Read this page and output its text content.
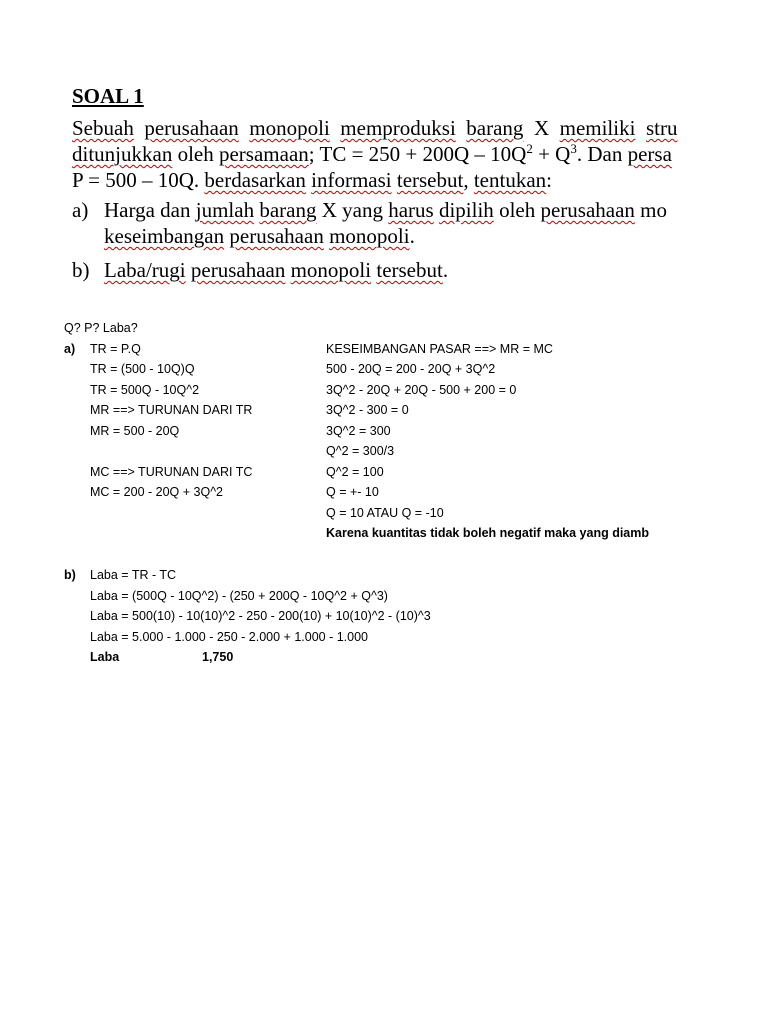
SOAL 1
Sebuah perusahaan monopoli memproduksi barang X memiliki stru
ditunjukkan oleh persamaan; TC = $250 + 200Q - 10Q^2 + Q^3$. Dan persa
P = 500 – 10Q. berdasarkan informasi tersebut, tentukan:
a) Harga dan jumlah barang X yang harus dipilih oleh perusahaan mo
keseimbangan perusahaan monopoli.
b) Laba/rugi perusahaan monopoli tersebut.
Q? P? Laba?
a) TR = P.Q
TR = (500 - 10Q)Q
TR = 500Q - 10Q^2
MR ==> TURUNAN DARI TR
MR = 500 - 20Q
MC ==> TURUNAN DARI TC
MC = 200 - 20Q + 3Q^2
KESEIMBANGAN PASAR ==> MR = MC
500 - 20Q = 200 - 20Q + 3Q^2
3Q^2 - 20Q + 20Q - 500 + 200 = 0
3Q^2 - 300 = 0
3Q^2 = 300
Q^2 = 300/3
Q^2 = 100
Q = +- 10
Q = 10 ATAU Q = -10
Karena kuantitas tidak boleh negatif maka yang diamb
b) Laba = TR - TC
Laba = (500Q - 10Q^2) - (250 + 200Q - 10Q^2 + Q^3)
Laba = 500(10) - 10(10)^2 - 250 - 200(10) + 10(10)^2 - (10)^3
Laba = 5.000 - 1.000 - 250 - 2.000 + 1.000 - 1.000
Laba	1,750
